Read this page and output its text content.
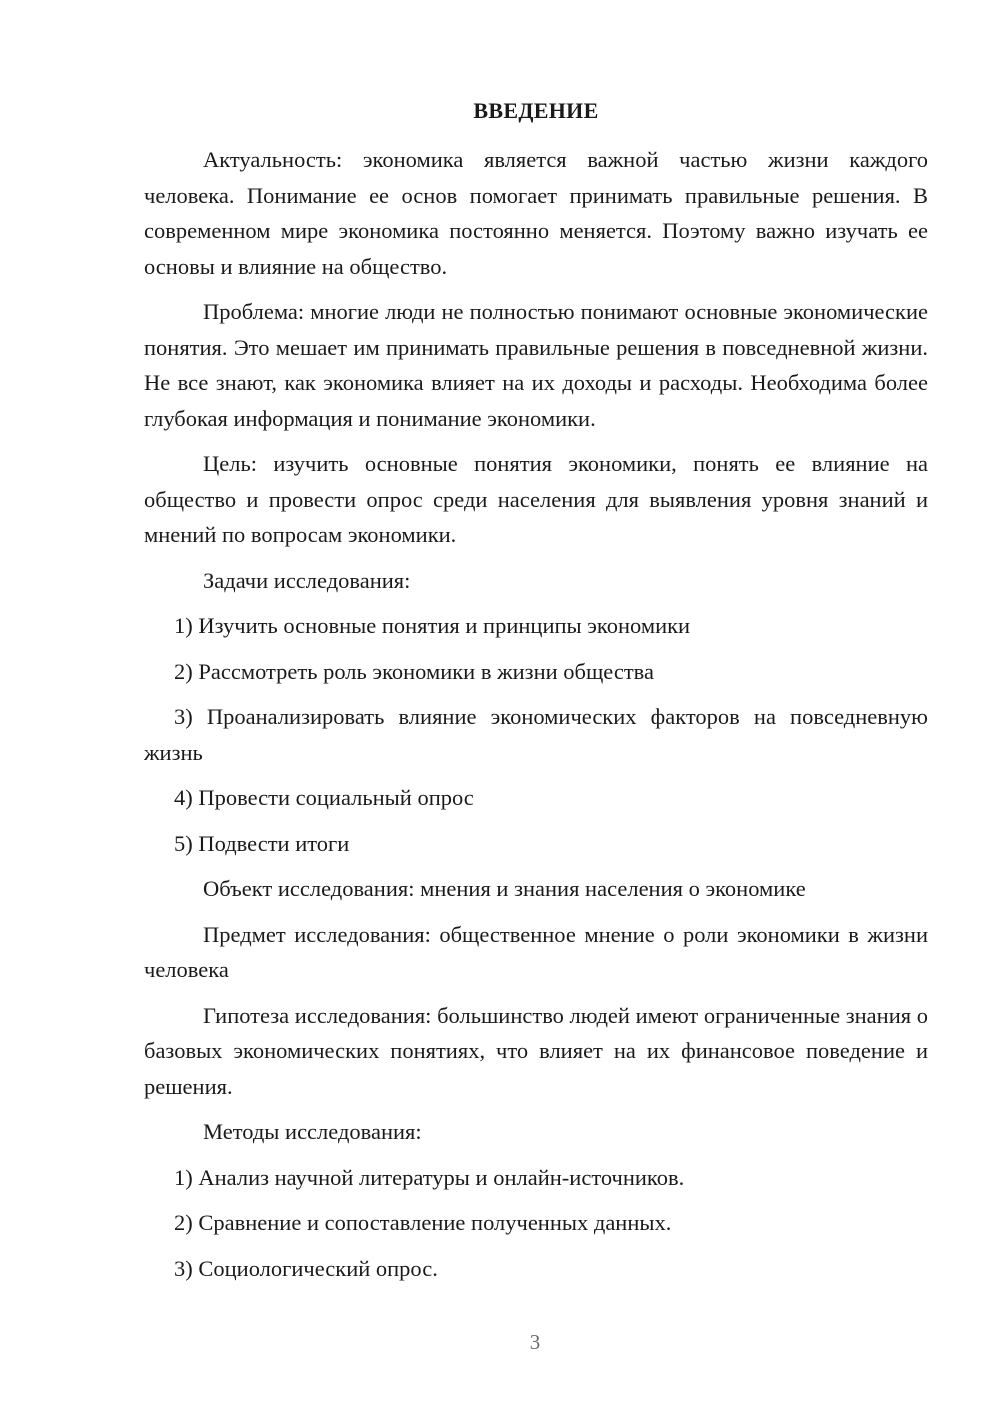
ВВЕДЕНИЕ

Актуальность: экономика является важной частью жизни каждого человека. Понимание ее основ помогает принимать правильные решения. В современном мире экономика постоянно меняется. Поэтому важно изучать ее основы и влияние на общество.

Проблема: многие люди не полностью понимают основные экономические понятия. Это мешает им принимать правильные решения в повседневной жизни. Не все знают, как экономика влияет на их доходы и расходы. Необходима более глубокая информация и понимание экономики.

Цель: изучить основные понятия экономики, понять ее влияние на общество и провести опрос среди населения для выявления уровня знаний и мнений по вопросам экономики.

Задачи исследования:

1) Изучить основные понятия и принципы экономики

2) Рассмотреть роль экономики в жизни общества

3) Проанализировать влияние экономических факторов на повседневную жизнь

4) Провести социальный опрос

5) Подвести итоги

Объект исследования: мнения и знания населения о экономике

Предмет исследования: общественное мнение о роли экономики в жизни человека

Гипотеза исследования: большинство людей имеют ограниченные знания о базовых экономических понятиях, что влияет на их финансовое поведение и решения.

Методы исследования:

1) Анализ научной литературы и онлайн-источников.

2) Сравнение и сопоставление полученных данных.

3) Социологический опрос.

3
